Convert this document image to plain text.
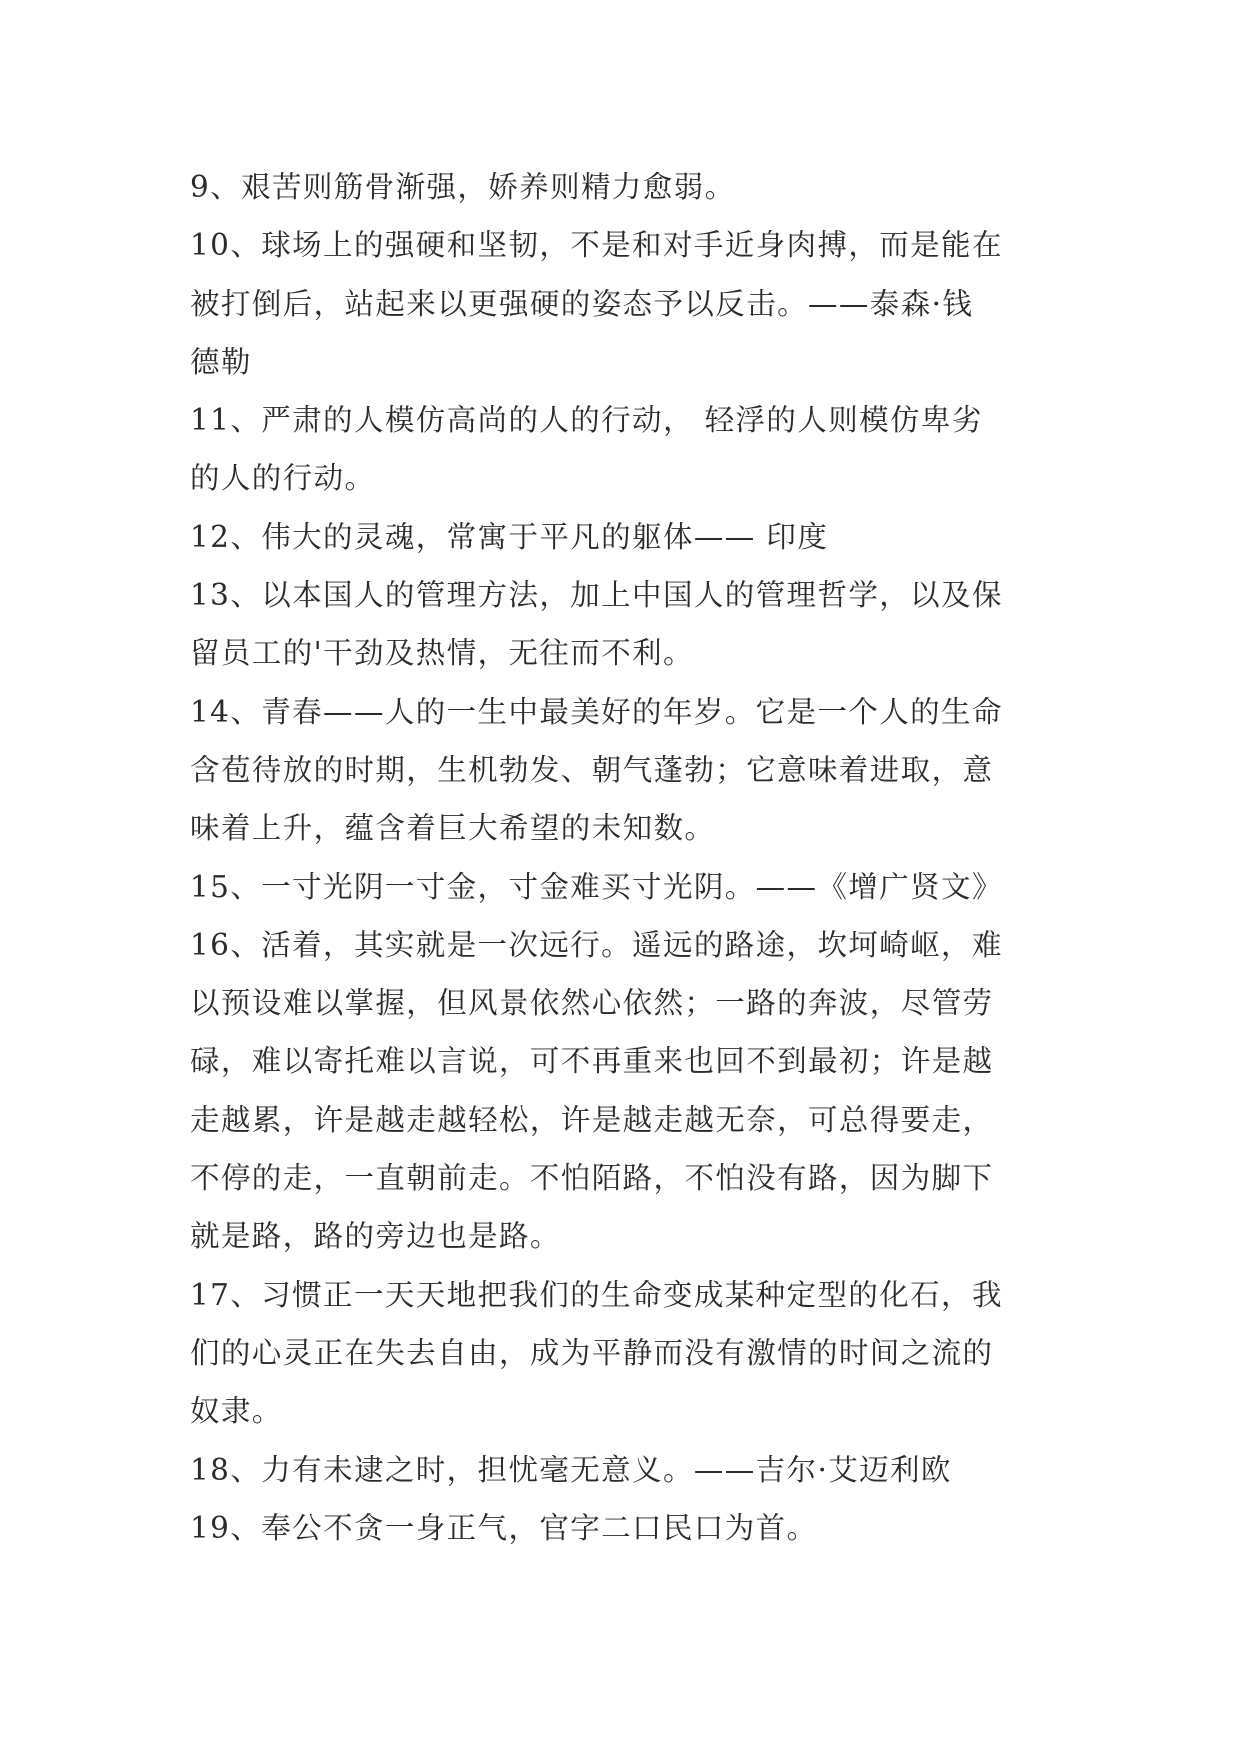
9、艰苦则筋骨渐强，娇养则精力愈弱。
10、球场上的强硬和坚韧，不是和对手近身肉搏，而是能在
被打倒后，站起来以更强硬的姿态予以反击。——泰森·钱
德勒
11、严肃的人模仿高尚的人的行动， 轻浮的人则模仿卑劣
的人的行动。
12、伟大的灵魂，常寓于平凡的躯体—— 印度
13、以本国人的管理方法，加上中国人的管理哲学，以及保
留员工的'干劲及热情，无往而不利。
14、青春——人的一生中最美好的年岁。它是一个人的生命
含苞待放的时期，生机勃发、朝气蓬勃；它意味着进取，意
味着上升，蕴含着巨大希望的未知数。
15、一寸光阴一寸金，寸金难买寸光阴。——《增广贤文》
16、活着，其实就是一次远行。遥远的路途，坎坷崎岖，难
以预设难以掌握，但风景依然心依然；一路的奔波，尽管劳
碌，难以寄托难以言说，可不再重来也回不到最初；许是越
走越累，许是越走越轻松，许是越走越无奈，可总得要走，
不停的走，一直朝前走。不怕陌路，不怕没有路，因为脚下
就是路，路的旁边也是路。
17、习惯正一天天地把我们的生命变成某种定型的化石，我
们的心灵正在失去自由，成为平静而没有激情的时间之流的
奴隶。
18、力有未逮之时，担忧毫无意义。——吉尔·艾迈利欧
19、奉公不贪一身正气，官字二口民口为首。
